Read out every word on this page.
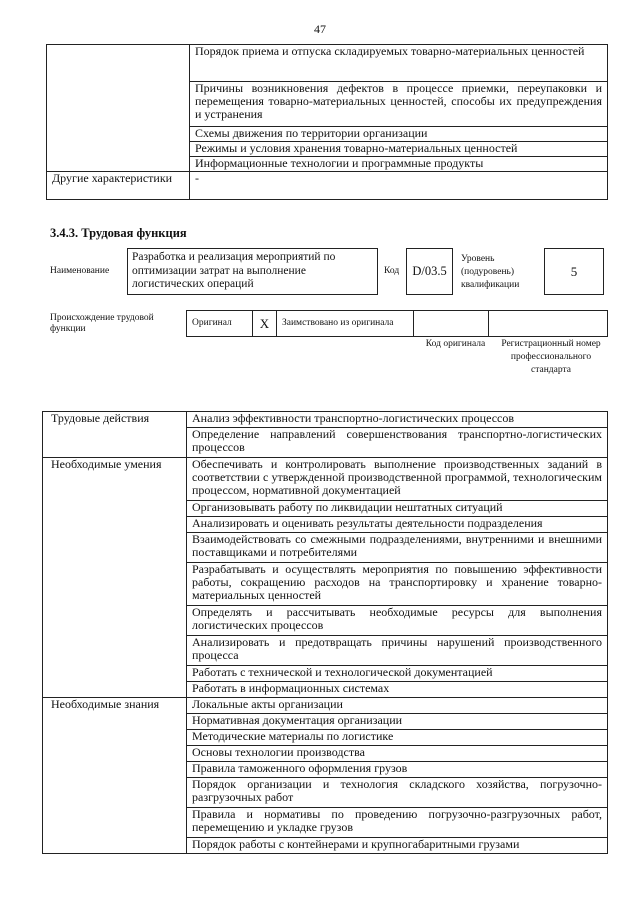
47
	Порядок приема и отпуска складируемых товарно-материальных ценностей
	Причины возникновения дефектов в процессе приемки, переупаковки и перемещения товарно-материальных ценностей, способы их предупреждения и устранения
	Схемы движения по территории организации
	Режимы и условия хранения товарно-материальных ценностей
	Информационные технологии и программные продукты
Другие характеристики	-
3.4.3. Трудовая функция
Наименование
Разработка и реализация мероприятий по оптимизации затрат на выполнение логистических операций
Код	D/03.5
Уровень (подуровень) квалификации
5
Происхождение трудовой функции
Оригинал	X	Заимствовано из оригинала		
Код оригинала	Регистрационный номер профессионального стандарта
Трудовые действия	Анализ эффективности транспортно-логистических процессов
	Определение направлений совершенствования транспортно-логистических процессов
Необходимые умения	Обеспечивать и контролировать выполнение производственных заданий в соответствии с утвержденной производственной программой, технологическим процессом, нормативной документацией
	Организовывать работу по ликвидации нештатных ситуаций
	Анализировать и оценивать результаты деятельности подразделения
	Взаимодействовать со смежными подразделениями, внутренними и внешними поставщиками и потребителями
	Разрабатывать и осуществлять мероприятия по повышению эффективности работы, сокращению расходов на транспортировку и хранение товарно-материальных ценностей
	Определять и рассчитывать необходимые ресурсы для выполнения логистических процессов
	Анализировать и предотвращать причины нарушений производственного процесса
	Работать с технической и технологической документацией
	Работать в информационных системах
Необходимые знания	Локальные акты организации
	Нормативная документация организации
	Методические материалы по логистике
	Основы технологии производства
	Правила таможенного оформления грузов
	Порядок организации и технология складского хозяйства, погрузочно-разгрузочных работ
	Правила и нормативы по проведению погрузочно-разгрузочных работ, перемещению и укладке грузов
	Порядок работы с контейнерами и крупногабаритными грузами
